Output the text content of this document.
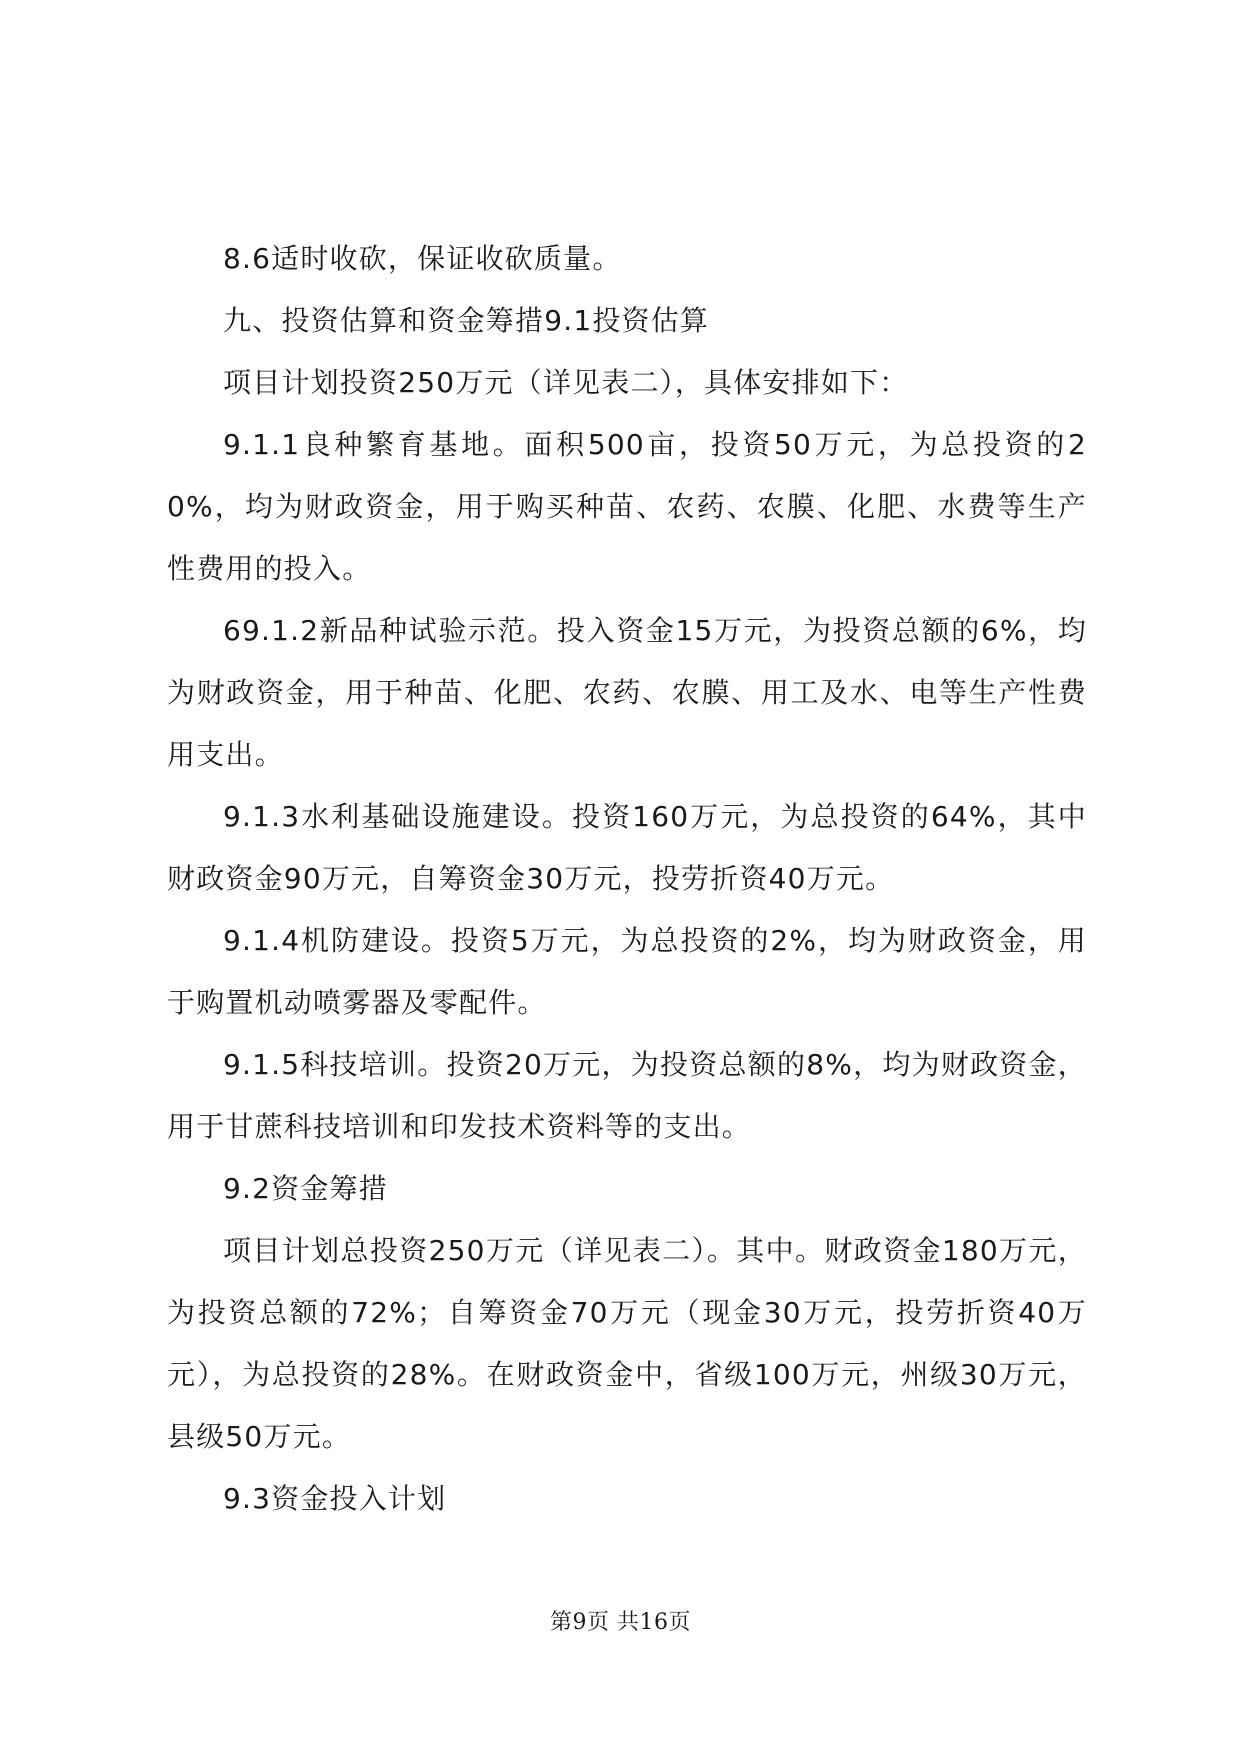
8.6适时收砍，保证收砍质量。

九、投资估算和资金筹措9.1投资估算

项目计划投资250万元（详见表二），具体安排如下：

9.1.1良种繁育基地。面积500亩，投资50万元，为总投资的20%，均为财政资金，用于购买种苗、农药、农膜、化肥、水费等生产性费用的投入。

69.1.2新品种试验示范。投入资金15万元，为投资总额的6%，均为财政资金，用于种苗、化肥、农药、农膜、用工及水、电等生产性费用支出。

9.1.3水利基础设施建设。投资160万元，为总投资的64%，其中财政资金90万元，自筹资金30万元，投劳折资40万元。

9.1.4机防建设。投资5万元，为总投资的2%，均为财政资金，用于购置机动喷雾器及零配件。

9.1.5科技培训。投资20万元，为投资总额的8%，均为财政资金，用于甘蔗科技培训和印发技术资料等的支出。

9.2资金筹措

项目计划总投资250万元（详见表二）。其中。财政资金180万元，为投资总额的72%；自筹资金70万元（现金30万元，投劳折资40万元），为总投资的28%。在财政资金中，省级100万元，州级30万元，县级50万元。

9.3资金投入计划

第9页 共16页
